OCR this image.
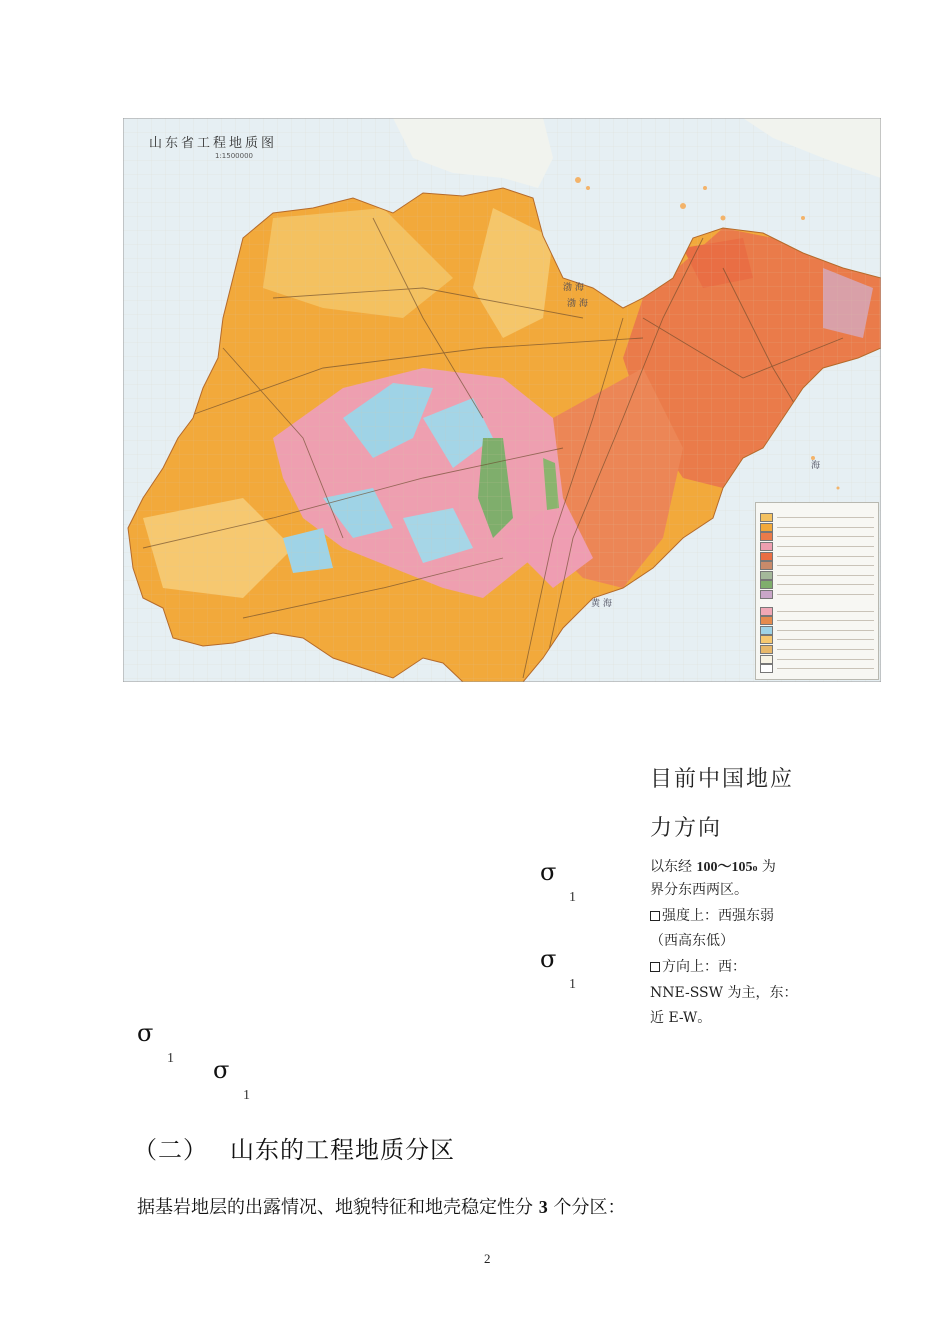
山东省工程地质图
1:1500000
渤 海
渤 海
海
黄 海
目前中国地应
力方向
以东经 100～105o 为
界分东西两区。
强度上：西强东弱
（西高东低）
方向上：西：
NNE-SSW 为主，东：
近 E-W。
σ
1
σ
1
σ
1 σ
1
（二） 山东的工程地质分区
据基岩地层的出露情况、地貌特征和地壳稳定性分 3 个分区：
2
